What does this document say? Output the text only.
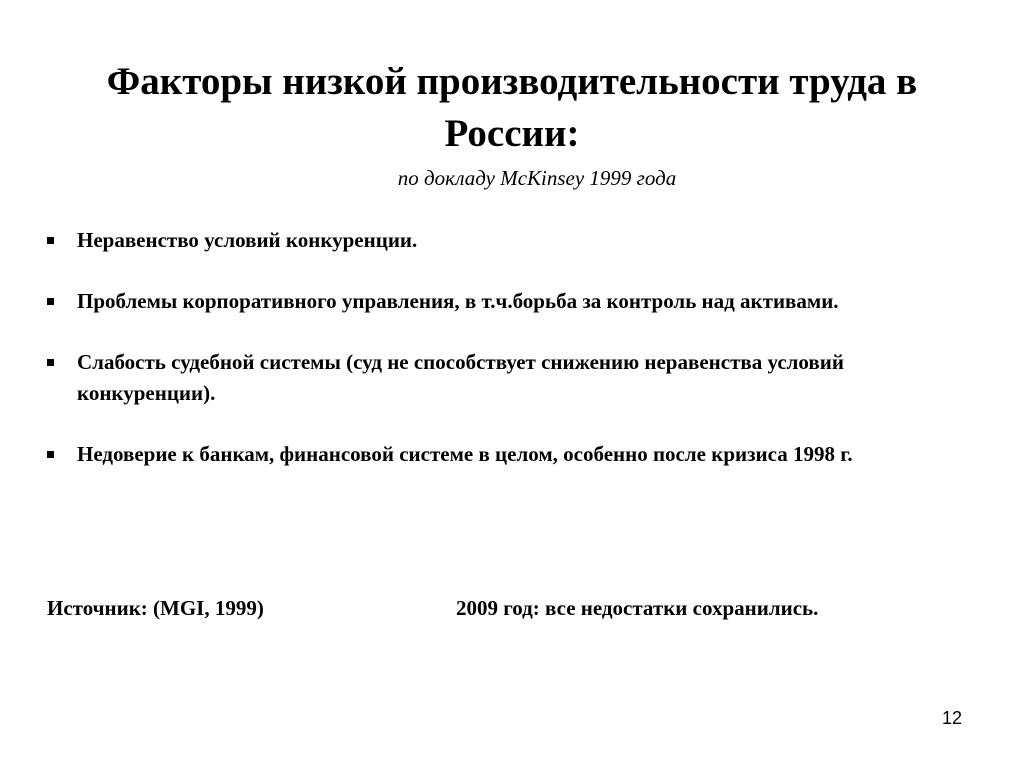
Факторы низкой производительности труда в России:
по докладу McKinsey 1999 года
Неравенство условий конкуренции.
Проблемы корпоративного управления, в т.ч.борьба за контроль над активами.
Слабость судебной системы (суд не способствует снижению неравенства условий конкуренции).
Недоверие к банкам, финансовой системе в целом, особенно после кризиса 1998 г.
Источник: (MGI, 1999)	2009 год: все недостатки сохранились.
12
